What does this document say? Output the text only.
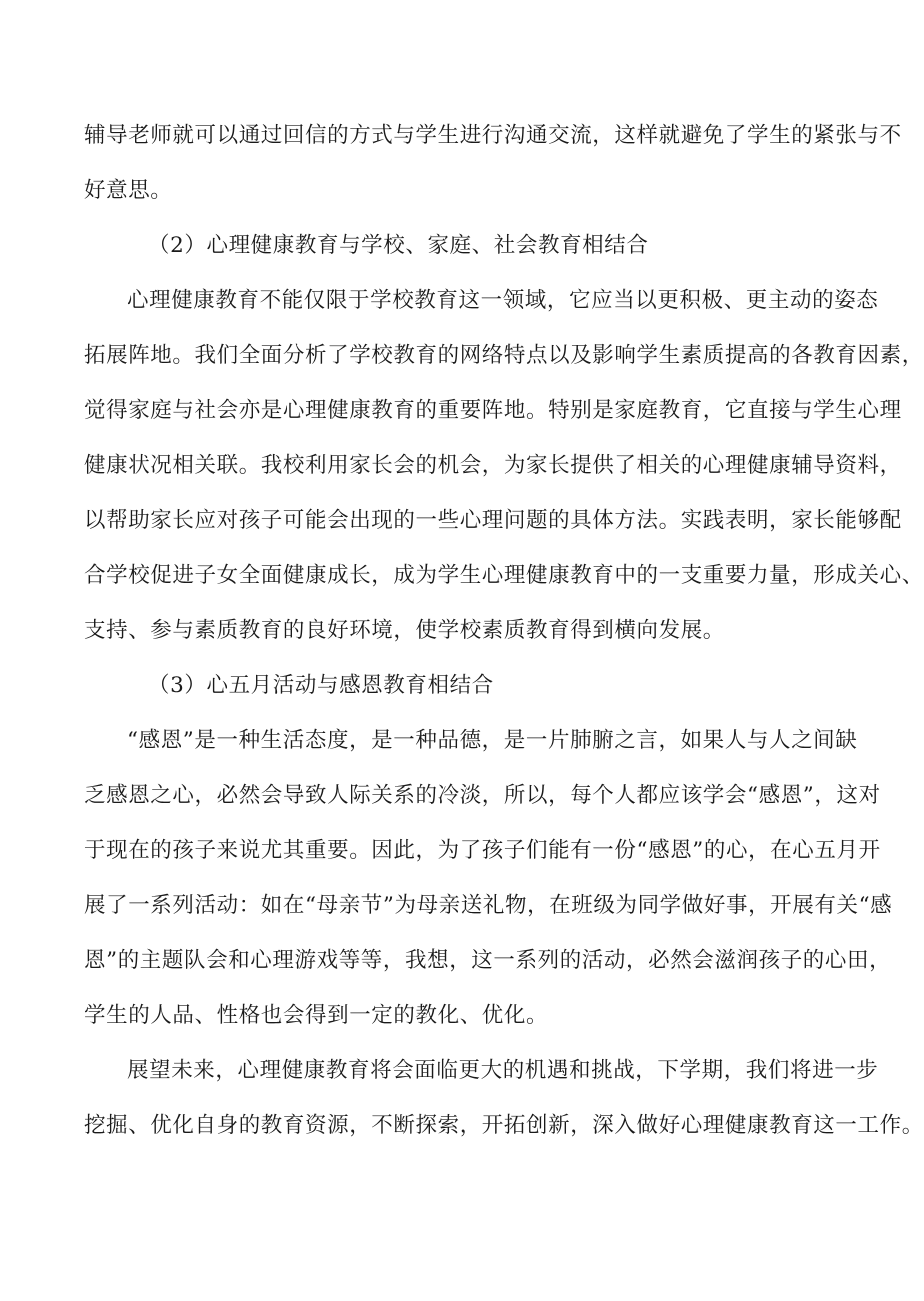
辅导老师就可以通过回信的方式与学生进行沟通交流，这样就避免了学生的紧张与不
好意思。
（2）心理健康教育与学校、家庭、社会教育相结合
心理健康教育不能仅限于学校教育这一领域，它应当以更积极、更主动的姿态
拓展阵地。我们全面分析了学校教育的网络特点以及影响学生素质提高的各教育因素，
觉得家庭与社会亦是心理健康教育的重要阵地。特别是家庭教育，它直接与学生心理
健康状况相关联。我校利用家长会的机会，为家长提供了相关的心理健康辅导资料，
以帮助家长应对孩子可能会出现的一些心理问题的具体方法。实践表明，家长能够配
合学校促进子女全面健康成长，成为学生心理健康教育中的一支重要力量，形成关心、
支持、参与素质教育的良好环境，使学校素质教育得到横向发展。
（3）心五月活动与感恩教育相结合
“感恩”是一种生活态度，是一种品德，是一片肺腑之言，如果人与人之间缺
乏感恩之心，必然会导致人际关系的冷淡，所以，每个人都应该学会“感恩”，这对
于现在的孩子来说尤其重要。因此，为了孩子们能有一份“感恩”的心，在心五月开
展了一系列活动：如在“母亲节”为母亲送礼物，在班级为同学做好事，开展有关“感
恩”的主题队会和心理游戏等等，我想，这一系列的活动，必然会滋润孩子的心田，
学生的人品、性格也会得到一定的教化、优化。
展望未来，心理健康教育将会面临更大的机遇和挑战，下学期，我们将进一步
挖掘、优化自身的教育资源，不断探索，开拓创新，深入做好心理健康教育这一工作。
